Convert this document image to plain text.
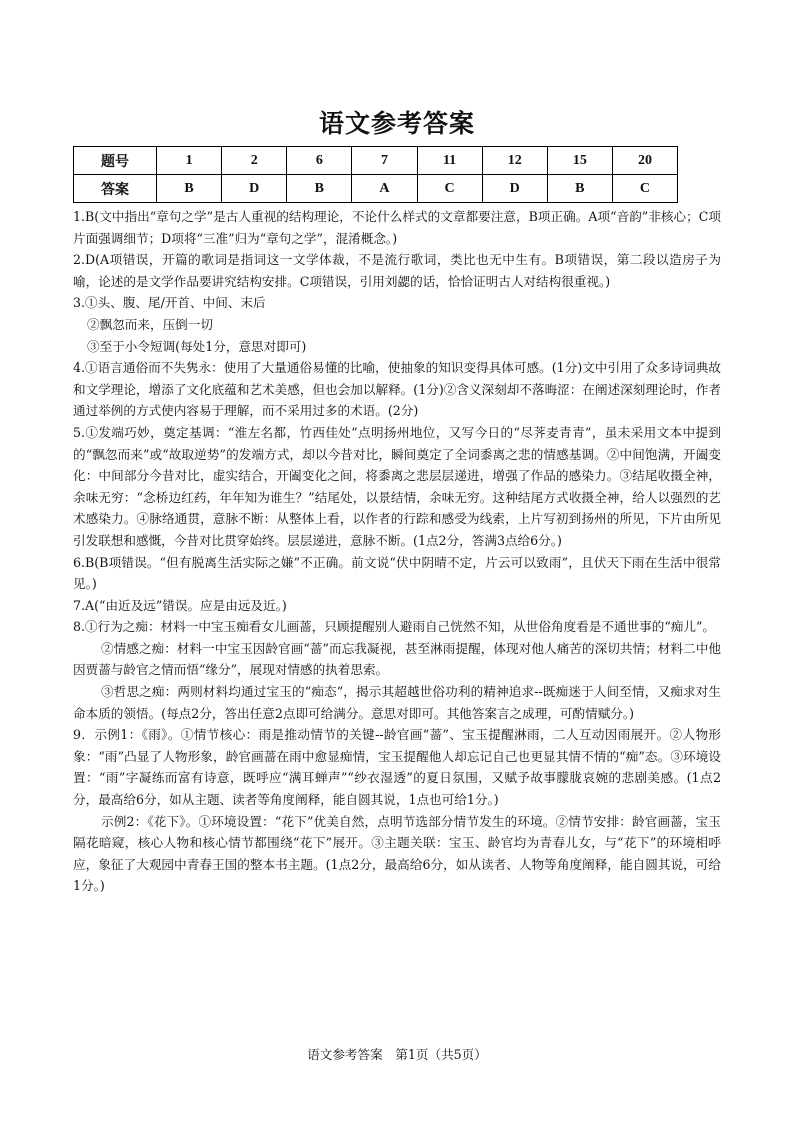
语文参考答案
题号	1	2	6	7	11	12	15	20
答案	B	D	B	A	C	D	B	C

1.B(文中指出“章句之学”是古人重视的结构理论，不论什么样式的文章都要注意，B项正确。A项“音韵”非核心；C项片面强调细节；D项将“三准”归为“章句之学”，混淆概念。)

2.D(A项错误，开篇的歌词是指词这一文学体裁，不是流行歌词，类比也无中生有。B项错误，第二段以造房子为喻，论述的是文学作品要讲究结构安排。C项错误，引用刘勰的话，恰恰证明古人对结构很重视。)

3.①头、腹、尾/开首、中间、末后

②飘忽而来，压倒一切

③至于小令短调(每处1分，意思对即可)

4.①语言通俗而不失隽永：使用了大量通俗易懂的比喻，使抽象的知识变得具体可感。(1分)文中引用了众多诗词典故和文学理论，增添了文化底蕴和艺术美感，但也会加以解释。(1分)②含义深刻却不落晦涩：在阐述深刻理论时，作者通过举例的方式使内容易于理解，而不采用过多的术语。(2分)

5.①发端巧妙，奠定基调：“淮左名都，竹西佳处”点明扬州地位，又写今日的“尽荠麦青青”，虽未采用文本中提到的“飘忽而来”或“故取逆势”的发端方式，却以今昔对比，瞬间奠定了全词黍离之悲的情感基调。②中间饱满，开阖变化：中间部分今昔对比，虚实结合，开阖变化之间，将黍离之悲层层递进，增强了作品的感染力。③结尾收摄全神，余味无穷：“念桥边红药，年年知为谁生？”结尾处，以景结情，余味无穷。这种结尾方式收摄全神，给人以强烈的艺术感染力。④脉络通贯，意脉不断：从整体上看，以作者的行踪和感受为线索，上片写初到扬州的所见，下片由所见引发联想和感慨，今昔对比贯穿始终。层层递进，意脉不断。(1点2分，答满3点给6分。)

6.B(B项错误。“但有脱离生活实际之嫌”不正确。前文说“伏中阴晴不定，片云可以致雨”，且伏天下雨在生活中很常见。)

7.A(“由近及远”错误。应是由远及近。)

8.①行为之痴：材料一中宝玉痴看女儿画蔷，只顾提醒别人避雨自己恍然不知，从世俗角度看是不通世事的“痴儿”。

②情感之痴：材料一中宝玉因龄官画“蔷”而忘我凝视，甚至淋雨提醒，体现对他人痛苦的深切共情；材料二中他因贾蔷与龄官之情而悟“缘分”，展现对情感的执着思索。

③哲思之痴：两则材料均通过宝玉的“痴态”，揭示其超越世俗功利的精神追求--既痴迷于人间至情，又痴求对生命本质的领悟。(每点2分，答出任意2点即可给满分。意思对即可。其他答案言之成理，可酌情赋分。)

9．示例1：《雨》。①情节核心：雨是推动情节的关键--龄官画“蔷”、宝玉提醒淋雨，二人互动因雨展开。②人物形象：“雨”凸显了人物形象，龄官画蔷在雨中愈显痴情，宝玉提醒他人却忘记自己也更显其情不情的“痴”态。③环境设置：“雨”字凝练而富有诗意，既呼应“满耳蝉声”“纱衣湿透”的夏日氛围，又赋予故事朦胧哀婉的悲剧美感。(1点2分，最高给6分，如从主题、读者等角度阐释，能自圆其说，1点也可给1分。)

示例2：《花下》。①环境设置：“花下”优美自然，点明节选部分情节发生的环境。②情节安排：龄官画蔷，宝玉隔花暗窥，核心人物和核心情节都围绕“花下”展开。③主题关联：宝玉、龄官均为青春儿女，与“花下”的环境相呼应，象征了大观园中青春王国的整本书主题。(1点2分，最高给6分，如从读者、人物等角度阐释，能自圆其说，可给1分。)

语文参考答案　第1页（共5页）
